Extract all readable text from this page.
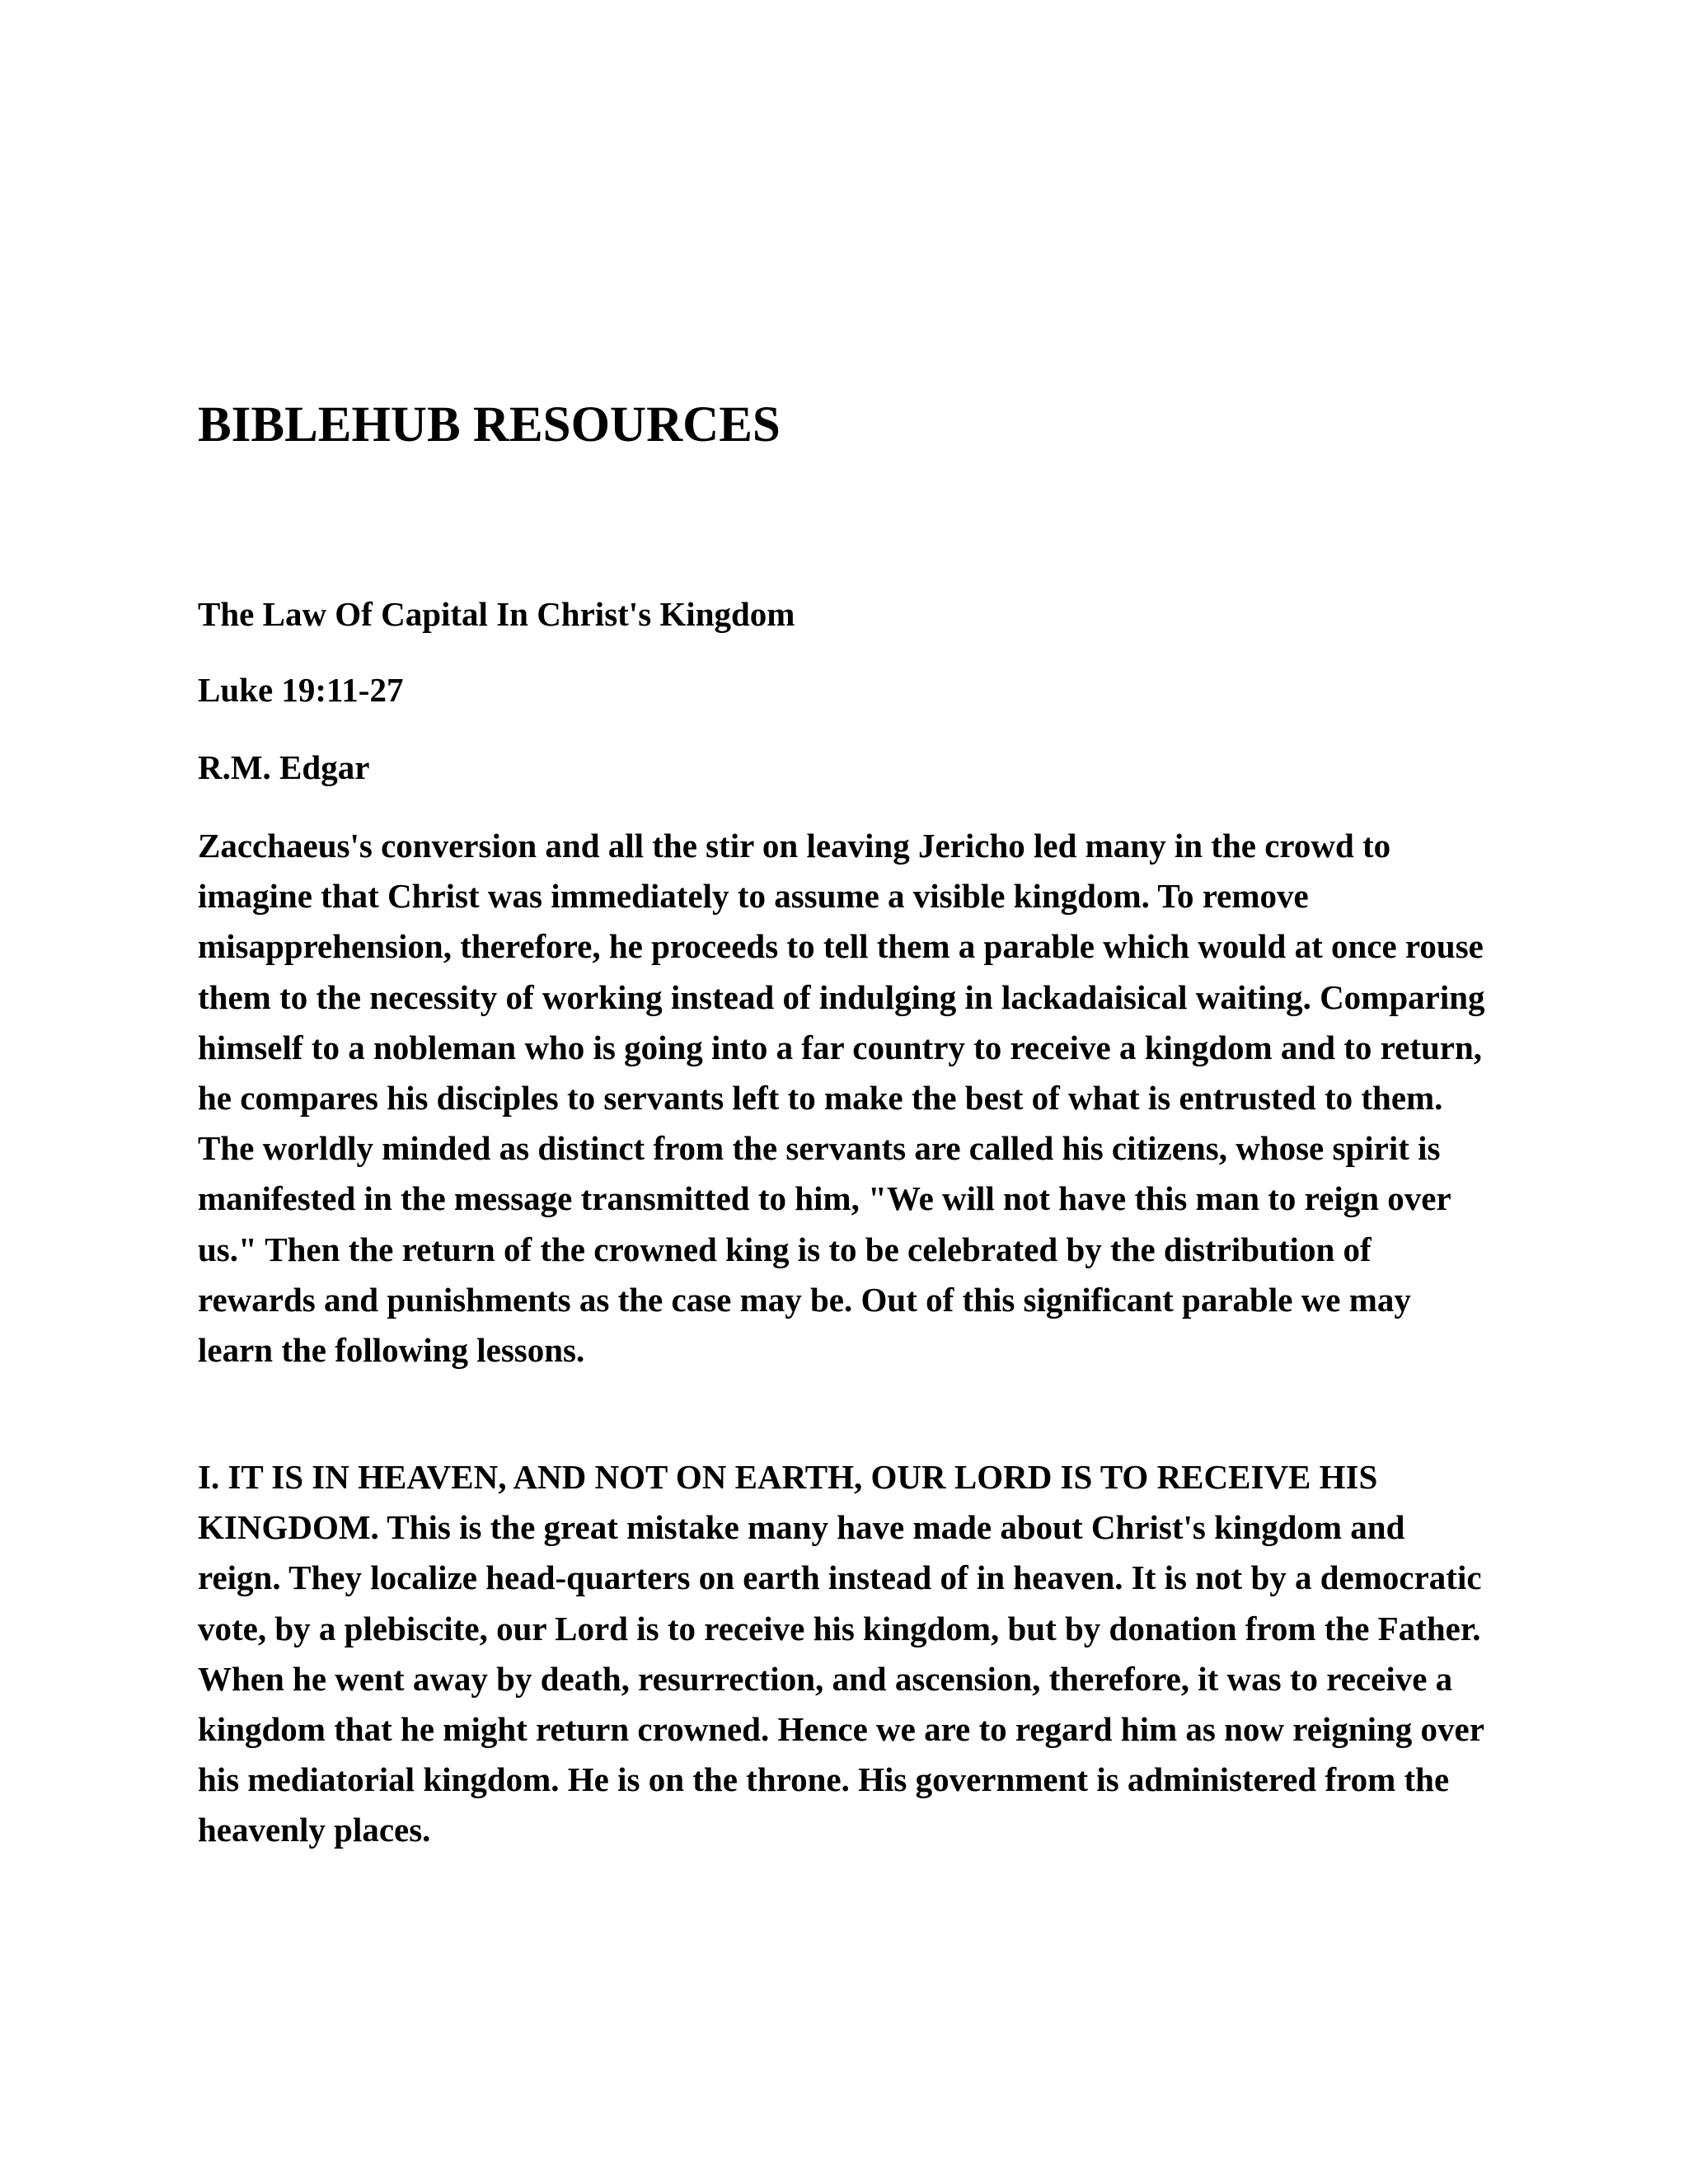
BIBLEHUB RESOURCES

The Law Of Capital In Christ's Kingdom

Luke 19:11-27

R.M. Edgar

Zacchaeus's conversion and all the stir on leaving Jericho led many in the crowd to imagine that Christ was immediately to assume a visible kingdom. To remove misapprehension, therefore, he proceeds to tell them a parable which would at once rouse them to the necessity of working instead of indulging in lackadaisical waiting. Comparing himself to a nobleman who is going into a far country to receive a kingdom and to return, he compares his disciples to servants left to make the best of what is entrusted to them. The worldly minded as distinct from the servants are called his citizens, whose spirit is manifested in the message transmitted to him, "We will not have this man to reign over us." Then the return of the crowned king is to be celebrated by the distribution of rewards and punishments as the case may be. Out of this significant parable we may learn the following lessons.

I. IT IS IN HEAVEN, AND NOT ON EARTH, OUR LORD IS TO RECEIVE HIS KINGDOM. This is the great mistake many have made about Christ's kingdom and reign. They localize head-quarters on earth instead of in heaven. It is not by a democratic vote, by a plebiscite, our Lord is to receive his kingdom, but by donation from the Father. When he went away by death, resurrection, and ascension, therefore, it was to receive a kingdom that he might return crowned. Hence we are to regard him as now reigning over his mediatorial kingdom. He is on the throne. His government is administered from the heavenly places.
